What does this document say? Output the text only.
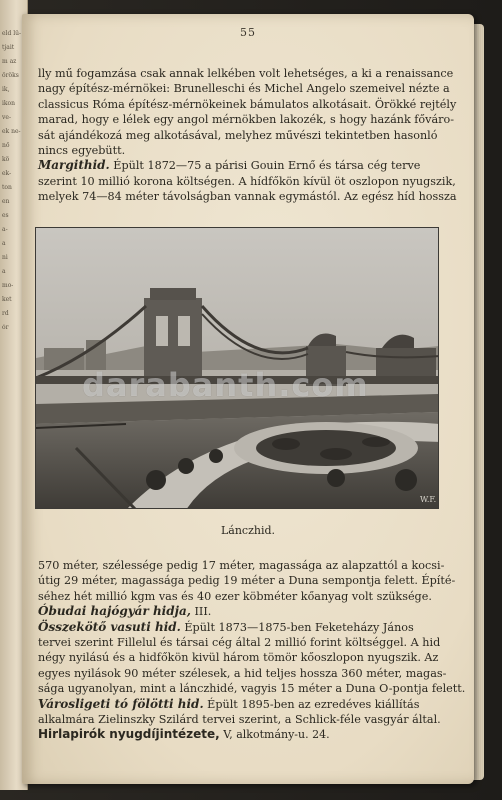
eld lü-
tjait
m az
öröks
ik,
ikon
ve-
ek ne-
nő
kö
ek-
ton
en
es
a-
a
ni
a
mo-
ket
rd
ór
55
lly mű fogamzása csak annak lelkében volt lehetséges, a ki a renaissance
nagy építész-mérnökei: Brunelleschi és Michel Angelo szemeivel nézte a
classicus Róma építész-mérnökeinek bámulatos alkotásait. Örökké rejtély
marad, hogy e lélek egy angol mérnökben lakozék, s hogy hazánk főváro-
sát ajándékozá meg alkotásával, melyhez művészi tekintetben hasonló
nincs egyebütt.
Margithid. Épült 1872—75 a párisi Gouin Ernő és társa cég terve
szerint 10 millió korona költségen. A hídfőkön kívül öt oszlopon nyugszik,
melyek 74—84 méter távolságban vannak egymástól. Az egész híd hossza
W.F.
darabanth.com
Lánczhid.
570 méter, szélessége pedig 17 méter, magassága az alapzattól a kocsi-
útig 29 méter, magassága pedig 19 méter a Duna sempontja felett. Építé-
séhez hét millió kgm vas és 40 ezer köbméter kőanyag volt szüksége.
Óbudai hajógyár hidja, III.
Összekötő vasuti hid. Épült 1873—1875-ben Feketeházy János
tervei szerint Fillelul és társai cég által 2 millió forint költséggel. A hid
négy nyilású és a hidfőkön kivül három tömör kőoszlopon nyugszik. Az
egyes nyilások 90 méter szélesek, a hid teljes hossza 360 méter, magas-
sága ugyanolyan, mint a lánczhidé, vagyis 15 méter a Duna O-pontja felett.
Városligeti tó fölötti hid. Épült 1895-ben az ezredéves kiállítás
alkalmára Zielinszky Szilárd tervei szerint, a Schlick-féle vasgyár által.
Hirlapirók nyugdíjintézete, V, alkotmány-u. 24.
